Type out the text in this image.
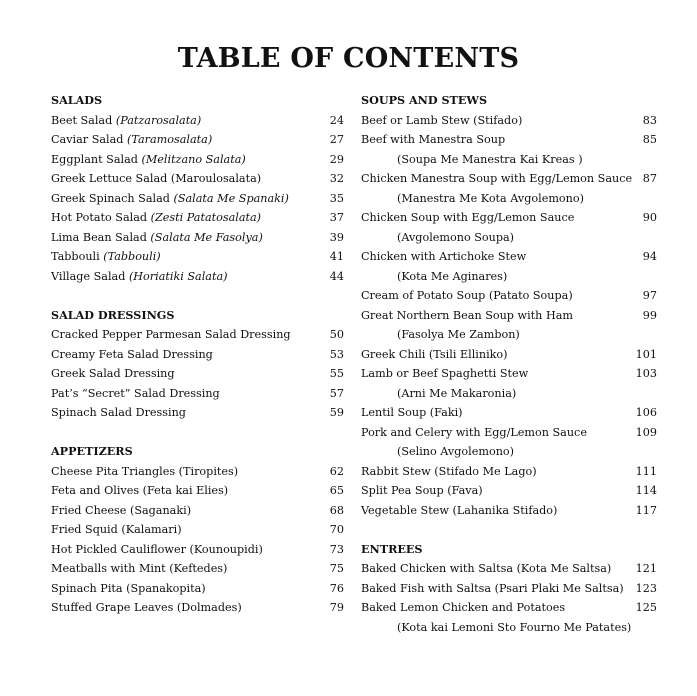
TABLE OF CONTENTS
SALADS
Beet Salad (Patzarosalata)	24
Caviar Salad (Taramosalata)	27
Eggplant Salad (Melitzano Salata)	29
Greek Lettuce Salad (Maroulosalata)	32
Greek Spinach Salad (Salata Me Spanaki)	35
Hot Potato Salad (Zesti Patatosalata)	37
Lima Bean Salad (Salata Me Fasolya)	39
Tabbouli (Tabbouli)	41
Village Salad (Horiatiki Salata)	44
SALAD DRESSINGS
Cracked Pepper Parmesan Salad Dressing	50
Creamy Feta Salad Dressing	53
Greek Salad Dressing	55
Pat’s “Secret” Salad Dressing	57
Spinach Salad Dressing	59
APPETIZERS
Cheese Pita Triangles (Tiropites)	62
Feta and Olives (Feta kai Elies)	65
Fried Cheese (Saganaki)	68
Fried Squid (Kalamari)	70
Hot Pickled Cauliflower (Kounoupidi)	73
Meatballs with Mint (Keftedes)	75
Spinach Pita (Spanakopita)	76
Stuffed Grape Leaves (Dolmades)	79
SOUPS AND STEWS
Beef or Lamb Stew (Stifado)	83
Beef with Manestra Soup	85
(Soupa Me Manestra Kai Kreas )
Chicken Manestra Soup with Egg/Lemon Sauce 87
(Manestra Me Kota Avgolemono)
Chicken Soup with Egg/Lemon Sauce	90
(Avgolemono Soupa)
Chicken with Artichoke Stew	94
(Kota Me Aginares)
Cream of Potato Soup (Patato Soupa)	97
Great Northern Bean Soup with Ham	99
(Fasolya Me Zambon)
Greek Chili (Tsili Elliniko)	101
Lamb or Beef Spaghetti Stew	103
(Arni Me Makaronia)
Lentil Soup (Faki)	106
Pork and Celery with Egg/Lemon Sauce	109
(Selino Avgolemono)
Rabbit Stew (Stifado Me Lago)	111
Split Pea Soup (Fava)	114
Vegetable Stew (Lahanika Stifado)	117
ENTREES
Baked Chicken with Saltsa (Kota Me Saltsa)	121
Baked Fish with Saltsa (Psari Plaki Me Saltsa)	123
Baked Lemon Chicken and Potatoes	125
(Kota kai Lemoni Sto Fourno Me Patates)
